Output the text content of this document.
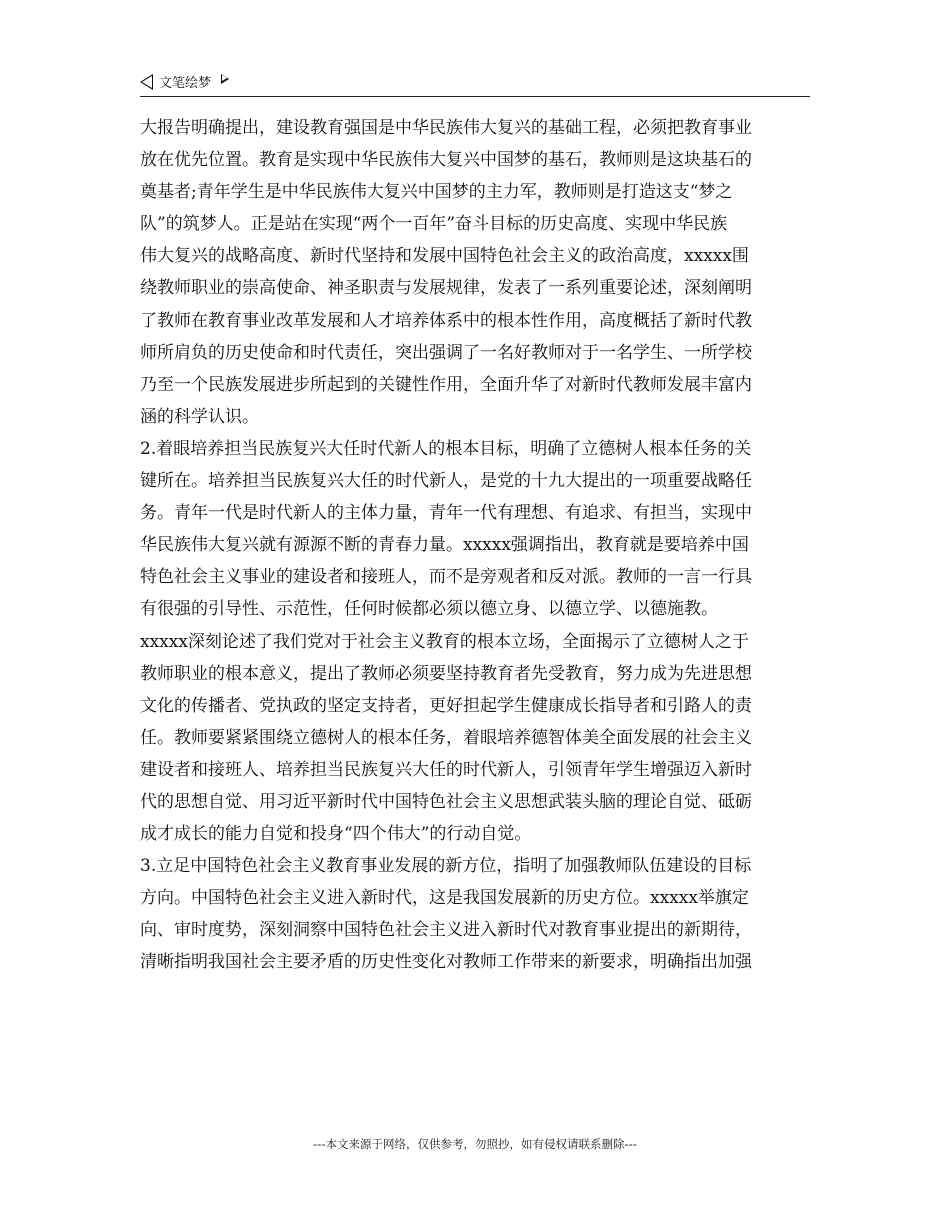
文笔绘梦
大报告明确提出，建设教育强国是中华民族伟大复兴的基础工程，必须把教育事业
放在优先位置。教育是实现中华民族伟大复兴中国梦的基石，教师则是这块基石的
奠基者;青年学生是中华民族伟大复兴中国梦的主力军，教师则是打造这支“梦之
队”的筑梦人。正是站在实现“两个一百年”奋斗目标的历史高度、实现中华民族
伟大复兴的战略高度、新时代坚持和发展中国特色社会主义的政治高度，xxxxx围
绕教师职业的崇高使命、神圣职责与发展规律，发表了一系列重要论述，深刻阐明
了教师在教育事业改革发展和人才培养体系中的根本性作用，高度概括了新时代教
师所肩负的历史使命和时代责任，突出强调了一名好教师对于一名学生、一所学校
乃至一个民族发展进步所起到的关键性作用，全面升华了对新时代教师发展丰富内
涵的科学认识。
2.着眼培养担当民族复兴大任时代新人的根本目标，明确了立德树人根本任务的关
键所在。培养担当民族复兴大任的时代新人，是党的十九大提出的一项重要战略任
务。青年一代是时代新人的主体力量，青年一代有理想、有追求、有担当，实现中
华民族伟大复兴就有源源不断的青春力量。xxxxx强调指出，教育就是要培养中国
特色社会主义事业的建设者和接班人，而不是旁观者和反对派。教师的一言一行具
有很强的引导性、示范性，任何时候都必须以德立身、以德立学、以德施教。
xxxxx深刻论述了我们党对于社会主义教育的根本立场，全面揭示了立德树人之于
教师职业的根本意义，提出了教师必须要坚持教育者先受教育，努力成为先进思想
文化的传播者、党执政的坚定支持者，更好担起学生健康成长指导者和引路人的责
任。教师要紧紧围绕立德树人的根本任务，着眼培养德智体美全面发展的社会主义
建设者和接班人、培养担当民族复兴大任的时代新人，引领青年学生增强迈入新时
代的思想自觉、用习近平新时代中国特色社会主义思想武装头脑的理论自觉、砥砺
成才成长的能力自觉和投身“四个伟大”的行动自觉。
3.立足中国特色社会主义教育事业发展的新方位，指明了加强教师队伍建设的目标
方向。中国特色社会主义进入新时代，这是我国发展新的历史方位。xxxxx举旗定
向、审时度势，深刻洞察中国特色社会主义进入新时代对教育事业提出的新期待，
清晰指明我国社会主要矛盾的历史性变化对教师工作带来的新要求，明确指出加强
---本文来源于网络，仅供参考，勿照抄，如有侵权请联系删除---
